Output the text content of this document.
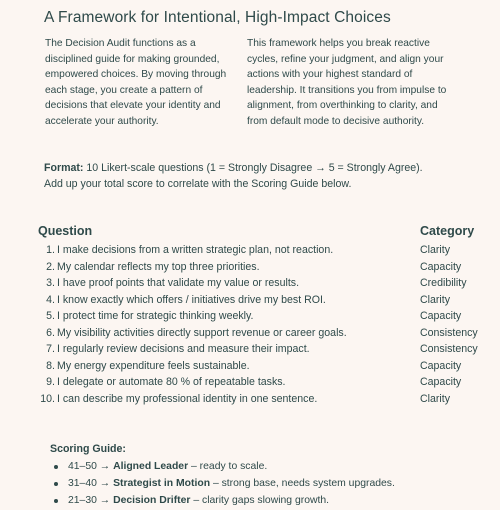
A Framework for Intentional, High-Impact Choices
The Decision Audit functions as a disciplined guide for making grounded, empowered choices. By moving through each stage, you create a pattern of decisions that elevate your identity and accelerate your authority.
This framework helps you break reactive cycles, refine your judgment, and align your actions with your highest standard of leadership. It transitions you from impulse to alignment, from overthinking to clarity, and from default mode to decisive authority.
Format: 10 Likert-scale questions (1 = Strongly Disagree → 5 = Strongly Agree).
Add up your total score to correlate with the Scoring Guide below.
Question	Category
1. I make decisions from a written strategic plan, not reaction.	Clarity
2. My calendar reflects my top three priorities.	Capacity
3. I have proof points that validate my value or results.	Credibility
4. I know exactly which offers / initiatives drive my best ROI.	Clarity
5. I protect time for strategic thinking weekly.	Capacity
6. My visibility activities directly support revenue or career goals.	Consistency
7. I regularly review decisions and measure their impact.	Consistency
8. My energy expenditure feels sustainable.	Capacity
9. I delegate or automate 80 % of repeatable tasks.	Capacity
10. I can describe my professional identity in one sentence.	Clarity
Scoring Guide:
41–50 → Aligned Leader – ready to scale.
31–40 → Strategist in Motion – strong base, needs system upgrades.
21–30 → Decision Drifter – clarity gaps slowing growth.
